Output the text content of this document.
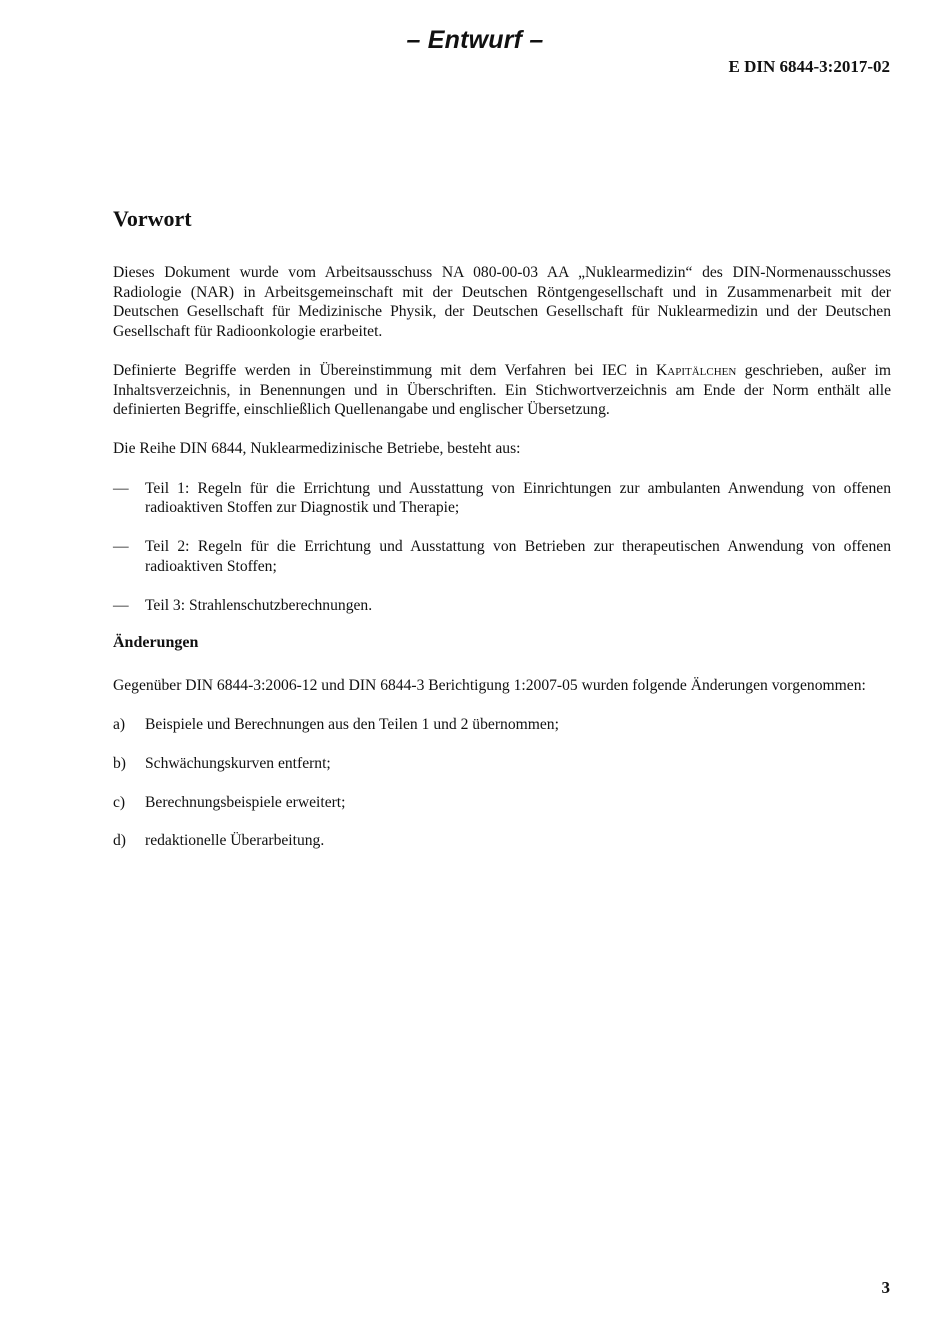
– Entwurf –
E DIN 6844-3:2017-02
Vorwort

Dieses Dokument wurde vom Arbeitsausschuss NA 080-00-03 AA „Nuklearmedizin“ des DIN-Normenausschusses Radiologie (NAR) in Arbeitsgemeinschaft mit der Deutschen Röntgengesellschaft und in Zusammenarbeit mit der Deutschen Gesellschaft für Medizinische Physik, der Deutschen Gesellschaft für Nuklearmedizin und der Deutschen Gesellschaft für Radioonkologie erarbeitet.

Definierte Begriffe werden in Übereinstimmung mit dem Verfahren bei IEC in Kapitälchen geschrieben, außer im Inhaltsverzeichnis, in Benennungen und in Überschriften. Ein Stichwortverzeichnis am Ende der Norm enthält alle definierten Begriffe, einschließlich Quellenangabe und englischer Übersetzung.

Die Reihe DIN 6844, Nuklearmedizinische Betriebe, besteht aus:

— Teil 1: Regeln für die Errichtung und Ausstattung von Einrichtungen zur ambulanten Anwendung von offenen radioaktiven Stoffen zur Diagnostik und Therapie;
— Teil 2: Regeln für die Errichtung und Ausstattung von Betrieben zur therapeutischen Anwendung von offenen radioaktiven Stoffen;
— Teil 3: Strahlenschutzberechnungen.
Änderungen

Gegenüber DIN 6844-3:2006-12 und DIN 6844-3 Berichtigung 1:2007-05 wurden folgende Änderungen vorgenommen:

a) Beispiele und Berechnungen aus den Teilen 1 und 2 übernommen;
b) Schwächungskurven entfernt;
c) Berechnungsbeispiele erweitert;
d) redaktionelle Überarbeitung.
3
